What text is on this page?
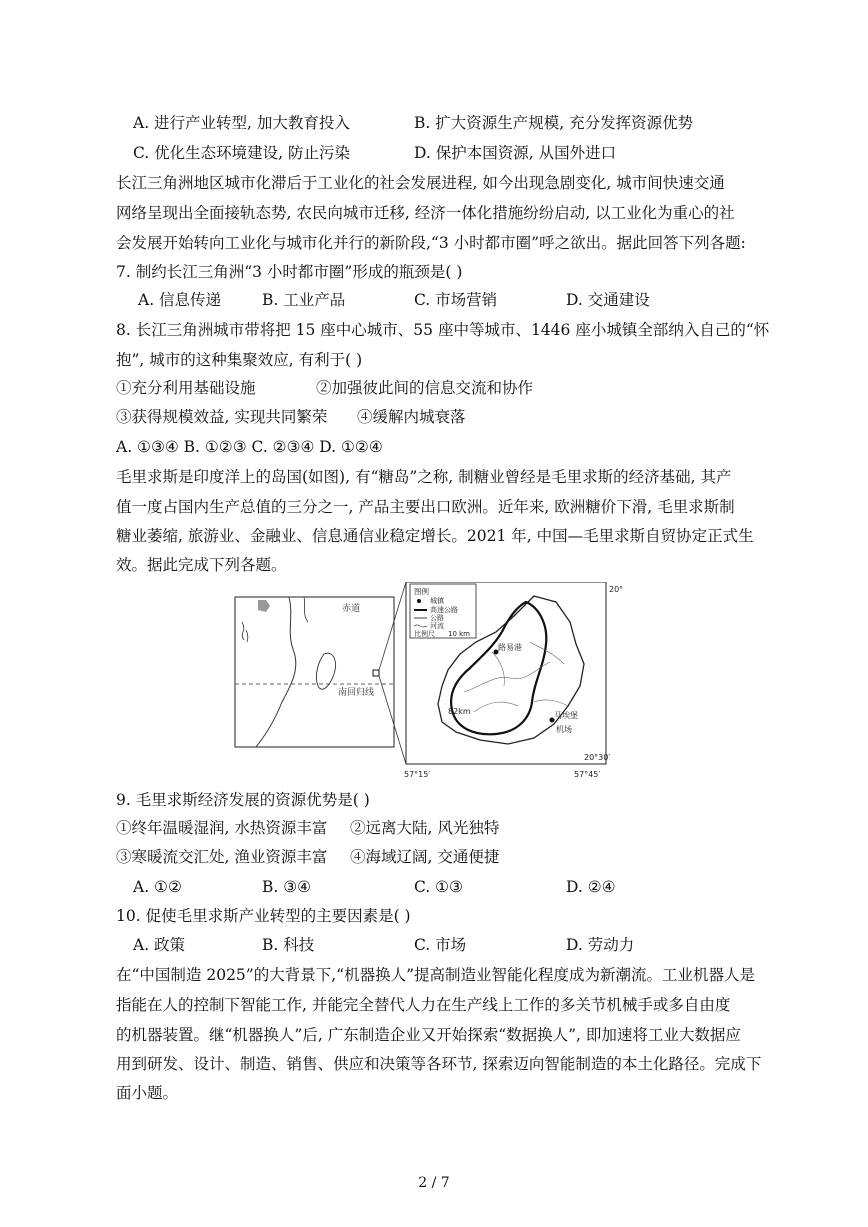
A. 进行产业转型, 加大教育投入	B. 扩大资源生产规模, 充分发挥资源优势
C. 优化生态环境建设, 防止污染	D. 保护本国资源, 从国外进口
长江三角洲地区城市化滞后于工业化的社会发展进程, 如今出现急剧变化, 城市间快速交通
网络呈现出全面接轨态势, 农民向城市迁移, 经济一体化措施纷纷启动, 以工业化为重心的社
会发展开始转向工业化与城市化并行的新阶段,“3 小时都市圈”呼之欲出。据此回答下列各题:
7. 制约长江三角洲“3 小时都市圈”形成的瓶颈是( )
A. 信息传递	B. 工业产品	C. 市场营销	D. 交通建设
8. 长江三角洲城市带将把 15 座中心城市、55 座中等城市、1446 座小城镇全部纳入自己的“怀
抱”, 城市的这种集聚效应, 有利于( )
①充分利用基础设施	②加强彼此间的信息交流和协作
③获得规模效益, 实现共同繁荣 ④缓解内城衰落
A. ①③④ B. ①②③ C. ②③④ D. ①②④
毛里求斯是印度洋上的岛国(如图), 有“糖岛”之称, 制糖业曾经是毛里求斯的经济基础, 其产
值一度占国内生产总值的三分之一, 产品主要出口欧洲。近年来, 欧洲糖价下滑, 毛里求斯制
糖业萎缩, 旅游业、金融业、信息通信业稳定增长。2021 年, 中国—毛里求斯自贸协定正式生
效。据此完成下列各题。
赤道
南回归线
路易港
马埃堡
机场
82km
图例
城镇
高速公路
公路
河流
比例尺 10 km
20°
20°30′
57°15′	57°45′
9. 毛里求斯经济发展的资源优势是( )
①终年温暖湿润, 水热资源丰富 ②远离大陆, 风光独特
③寒暖流交汇处, 渔业资源丰富 ④海域辽阔, 交通便捷
A. ①②	B. ③④	C. ①③	D. ②④
10. 促使毛里求斯产业转型的主要因素是( )
A. 政策	B. 科技	C. 市场	D. 劳动力
在“中国制造 2025”的大背景下,“机器换人”提高制造业智能化程度成为新潮流。工业机器人是
指能在人的控制下智能工作, 并能完全替代人力在生产线上工作的多关节机械手或多自由度
的机器装置。继“机器换人”后, 广东制造企业又开始探索“数据换人”, 即加速将工业大数据应
用到研发、设计、制造、销售、供应和决策等各环节, 探索迈向智能制造的本土化路径。完成下
面小题。
2 / 7
